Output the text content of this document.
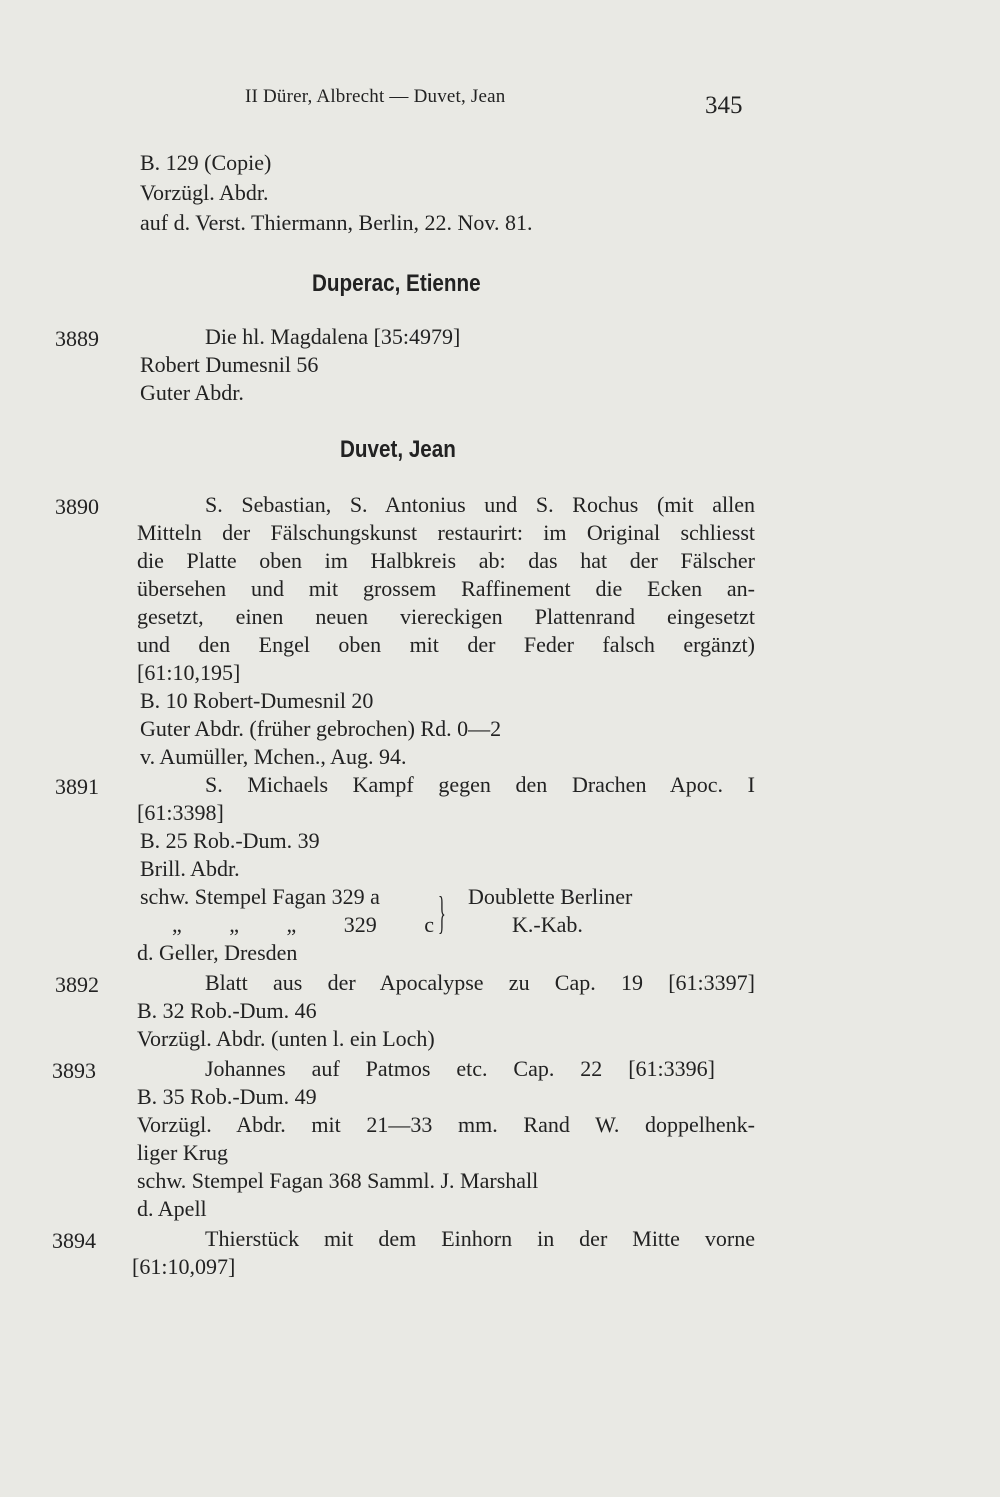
II Dürer, Albrecht — Duvet, Jean	345
B. 129 (Copie)
Vorzügl. Abdr.
auf d. Verst. Thiermann, Berlin, 22. Nov. 81.
Duperac, Etienne
3889	Die hl. Magdalena [35:4979]
Robert Dumesnil 56
Guter Abdr.
Duvet, Jean
3890	S. Sebastian, S. Antonius und S. Rochus (mit allen
Mitteln der Fälschungskunst restaurirt: im Original schliesst
die Platte oben im Halbkreis ab: das hat der Fälscher
übersehen und mit grossem Raffinement die Ecken an-
gesetzt, einen neuen viereckigen Plattenrand eingesetzt
und den Engel oben mit der Feder falsch ergänzt)
[61:10,195]
B. 10 Robert-Dumesnil 20
Guter Abdr. (früher gebrochen) Rd. 0—2
v. Aumüller, Mchen., Aug. 94.
3891	S. Michaels Kampf gegen den Drachen Apoc. I
[61:3398]
B. 25 Rob.-Dum. 39
Brill. Abdr.
schw. Stempel Fagan 329 a
„ „ „ 329 c } Doublette Berliner
K.-Kab.
d. Geller, Dresden
3892	Blatt aus der Apocalypse zu Cap. 19 [61:3397]
B. 32 Rob.-Dum. 46
Vorzügl. Abdr. (unten l. ein Loch)
3893	Johannes auf Patmos etc. Cap. 22 [61:3396]
B. 35 Rob.-Dum. 49
Vorzügl. Abdr. mit 21—33 mm. Rand W. doppelhenk-
liger Krug
schw. Stempel Fagan 368 Samml. J. Marshall
d. Apell
3894	Thierstück mit dem Einhorn in der Mitte vorne
[61:10,097]
